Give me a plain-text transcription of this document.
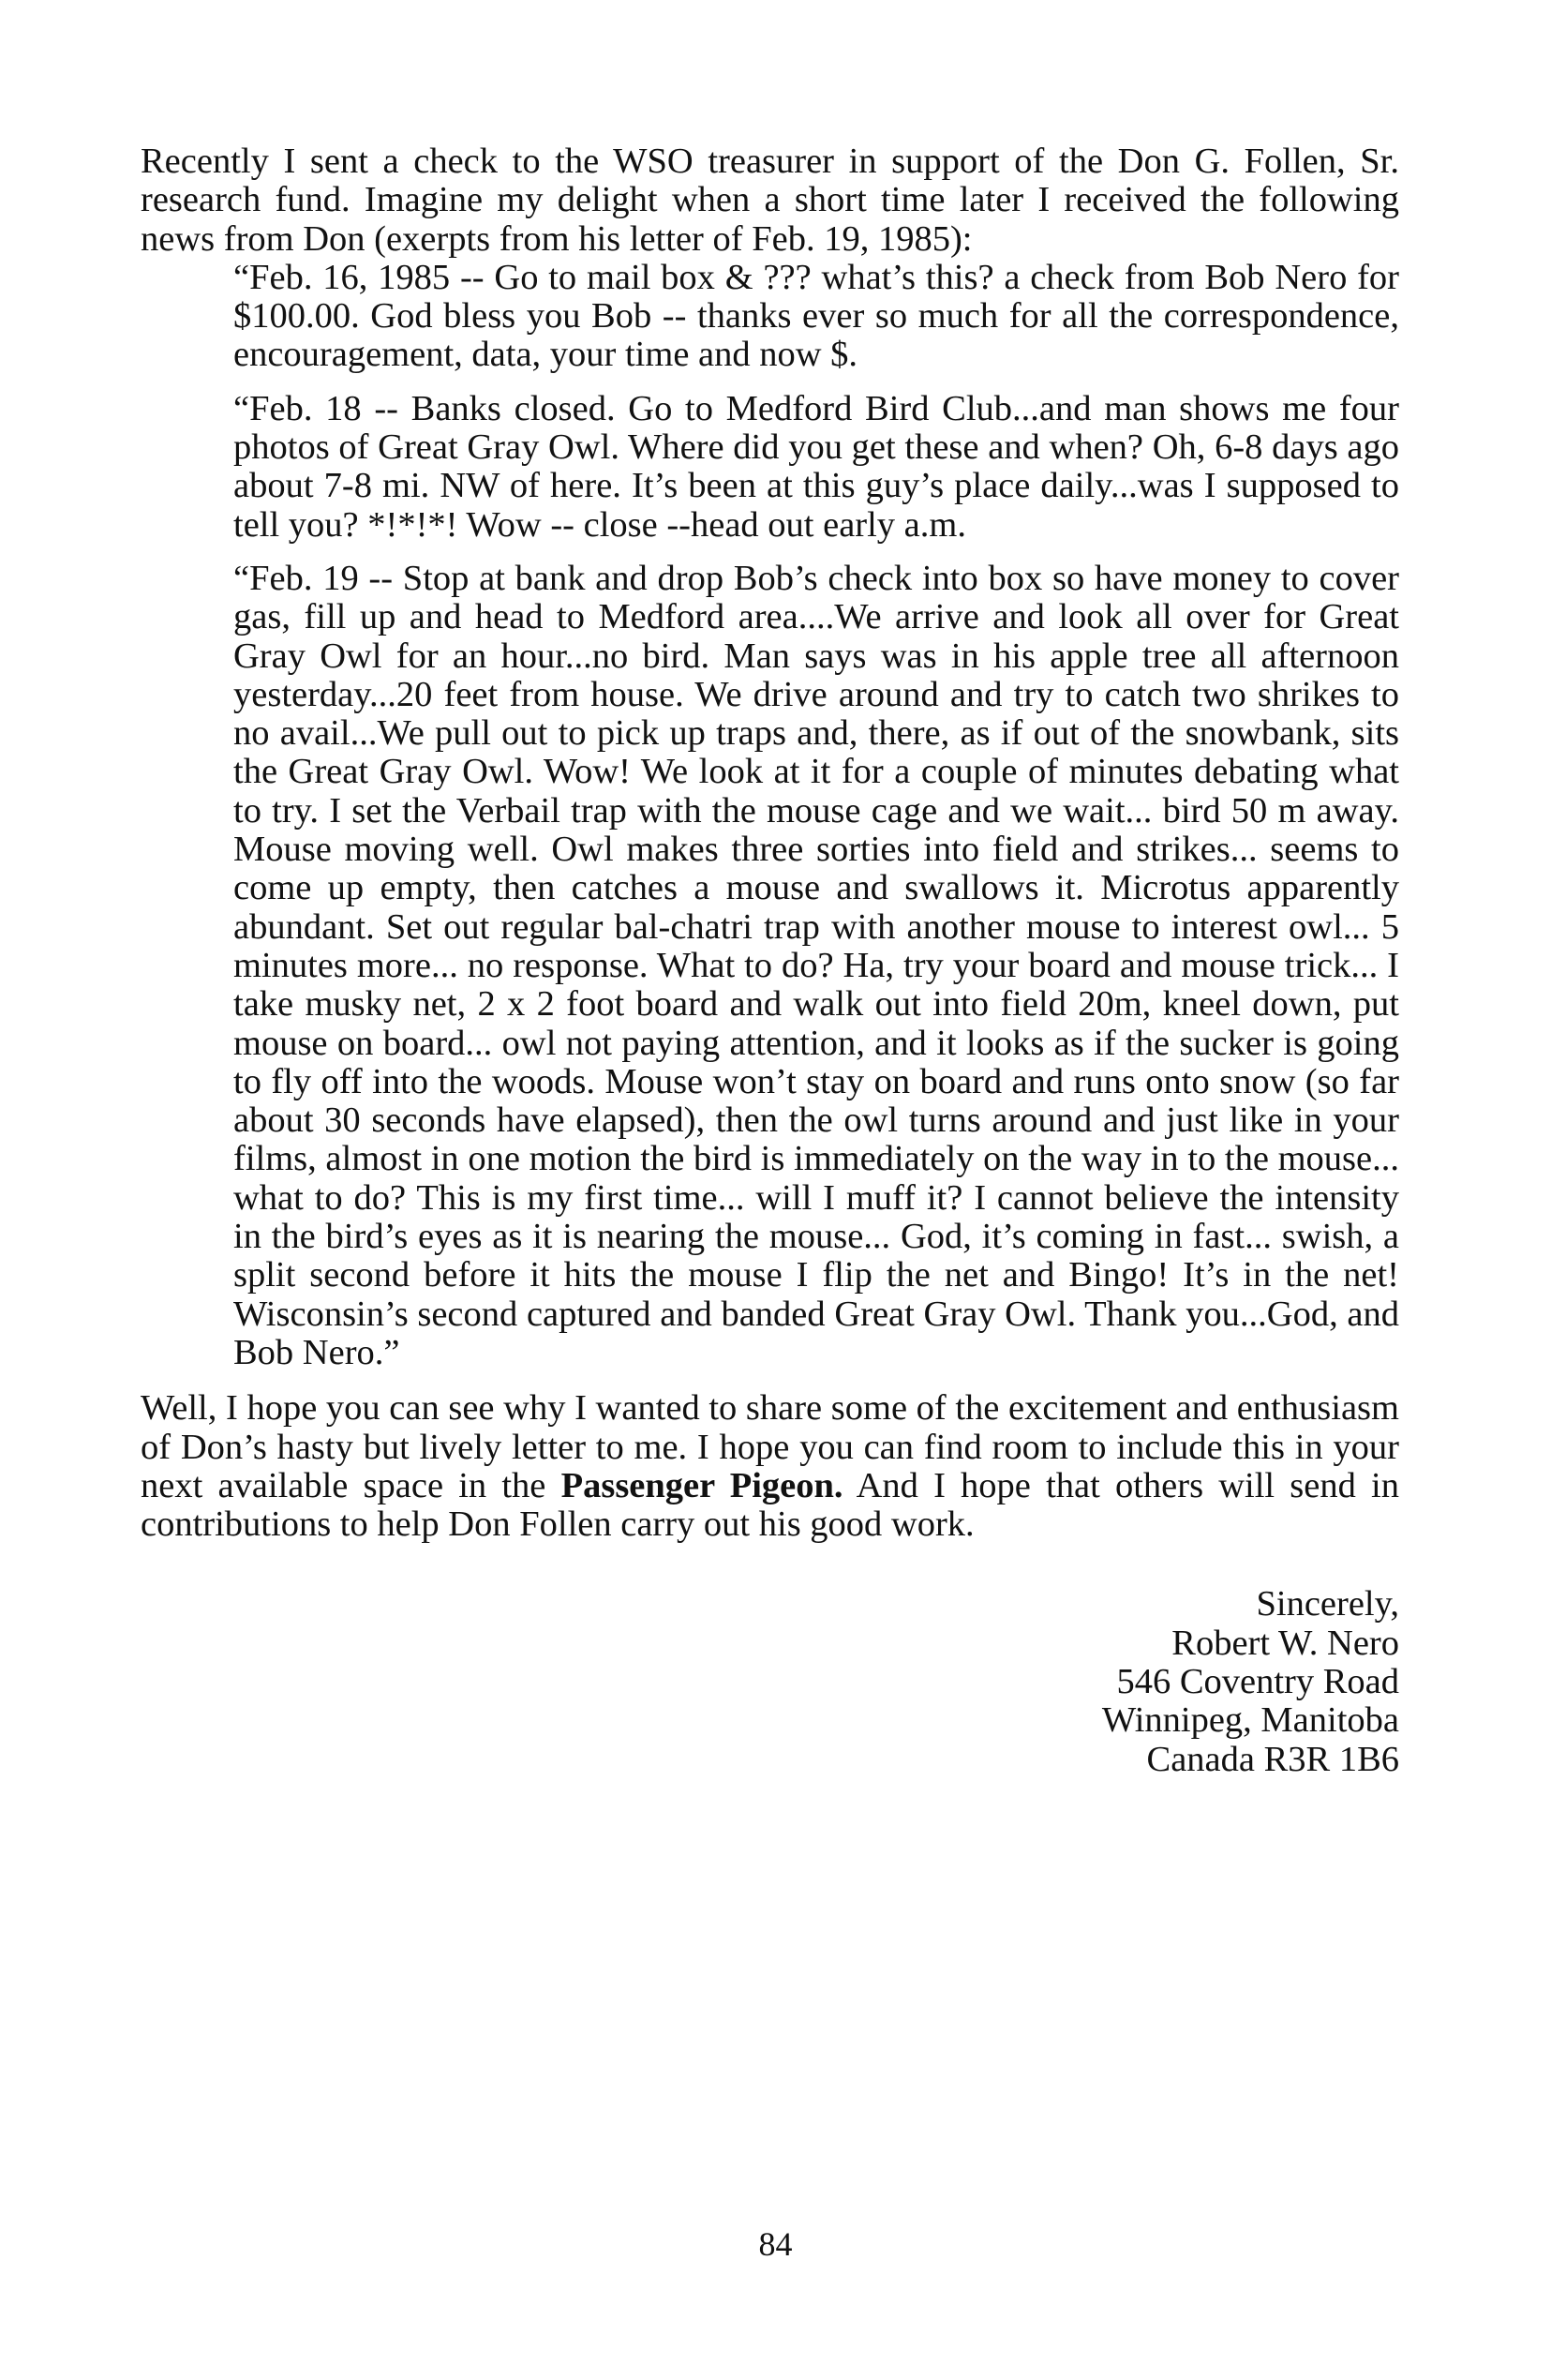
Recently I sent a check to the WSO treasurer in support of the Don G. Follen, Sr. research fund. Imagine my delight when a short time later I received the following news from Don (exerpts from his letter of Feb. 19, 1985):

“Feb. 16, 1985 -- Go to mail box & ??? what’s this? a check from Bob Nero for $100.00. God bless you Bob -- thanks ever so much for all the correspondence, encouragement, data, your time and now $.

“Feb. 18 -- Banks closed. Go to Medford Bird Club...and man shows me four photos of Great Gray Owl. Where did you get these and when? Oh, 6-8 days ago about 7-8 mi. NW of here. It’s been at this guy’s place daily...was I supposed to tell you? *!*!*! Wow -- close --head out early a.m.

“Feb. 19 -- Stop at bank and drop Bob’s check into box so have money to cover gas, fill up and head to Medford area....We arrive and look all over for Great Gray Owl for an hour...no bird. Man says was in his apple tree all afternoon yesterday...20 feet from house. We drive around and try to catch two shrikes to no avail...We pull out to pick up traps and, there, as if out of the snowbank, sits the Great Gray Owl. Wow! We look at it for a couple of minutes debating what to try. I set the Verbail trap with the mouse cage and we wait... bird 50 m away. Mouse moving well. Owl makes three sorties into field and strikes... seems to come up empty, then catches a mouse and swallows it. Microtus apparently abundant. Set out regular bal-chatri trap with another mouse to interest owl... 5 minutes more... no response. What to do? Ha, try your board and mouse trick... I take musky net, 2 x 2 foot board and walk out into field 20m, kneel down, put mouse on board... owl not paying attention, and it looks as if the sucker is going to fly off into the woods. Mouse won’t stay on board and runs onto snow (so far about 30 seconds have elapsed), then the owl turns around and just like in your films, almost in one motion the bird is immediately on the way in to the mouse... what to do? This is my first time... will I muff it? I cannot believe the intensity in the bird’s eyes as it is nearing the mouse... God, it’s coming in fast... swish, a split second before it hits the mouse I flip the net and Bingo! It’s in the net! Wisconsin’s second captured and banded Great Gray Owl. Thank you...God, and Bob Nero.”

Well, I hope you can see why I wanted to share some of the excitement and enthusiasm of Don’s hasty but lively letter to me. I hope you can find room to include this in your next available space in the Passenger Pigeon. And I hope that others will send in contributions to help Don Follen carry out his good work.

Sincerely,
Robert W. Nero
546 Coventry Road
Winnipeg, Manitoba
Canada R3R 1B6
84
